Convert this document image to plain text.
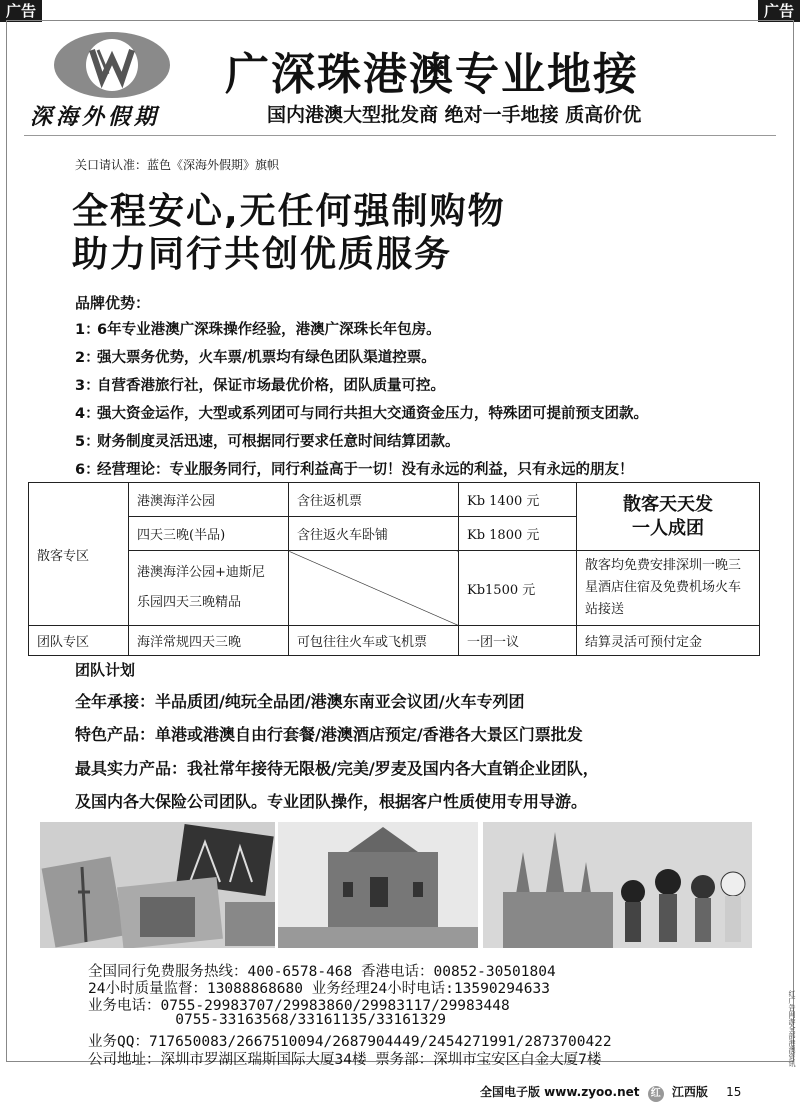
广告	广告
深海外假期
广深珠港澳专业地接
国内港澳大型批发商 绝对一手地接 质高价优
关口请认准：蓝色《深海外假期》旗帜
全程安心,无任何强制购物
助力同行共创优质服务
品牌优势：
1：6年专业港澳广深珠操作经验，港澳广深珠长年包房。
2：强大票务优势，火车票/机票均有绿色团队渠道控票。
3：自营香港旅行社，保证市场最优价格，团队质量可控。
4：强大资金运作，大型或系列团可与同行共担大交通资金压力，特殊团可提前预支团款。
5：财务制度灵活迅速，可根据同行要求任意时间结算团款。
6：经营理论：专业服务同行，同行利益高于一切！没有永远的利益，只有永远的朋友！
散客专区	港澳海洋公园	含往返机票	Kb 1400 元	散客天天发
一人成团

	四天三晚(半品)	含往返火车卧铺	Kb 1800 元	

	港澳海洋公园+迪斯尼
乐园四天三晚精品		Kb1500 元	散客均免费安排深圳一晚三星酒店住宿及免费机场火车站接送
团队专区	海洋常规四天三晚	可包往往火车或飞机票	一团一议	结算灵活可预付定金
团队计划
全年承接：半品质团/纯玩全品团/港澳东南亚会议团/火车专列团
特色产品：单港或港澳自由行套餐/港澳酒店预定/香港各大景区门票批发
最具实力产品：我社常年接待无限极/完美/罗麦及国内各大直销企业团队，
及国内各大保险公司团队。专业团队操作，根据客户性质使用专用导游。
全国同行免费服务热线：400-6578-468 香港电话：00852-30501804
24小时质量监督：13088868680 业务经理24小时电话:13590294633
业务电话：0755-29983707/29983860/29983117/29983448
0755-33163568/33161135/33161329
业务QQ：717650083/2667510094/2687904449/2454271991/2873700422
公司地址：深圳市罗湖区瑞斯国际大厦34楼 票务部：深圳市宝安区白金大厦7楼
全国电子版 www.zyoo.net 红 江西版 15
红广告网游全部港澳资讯
